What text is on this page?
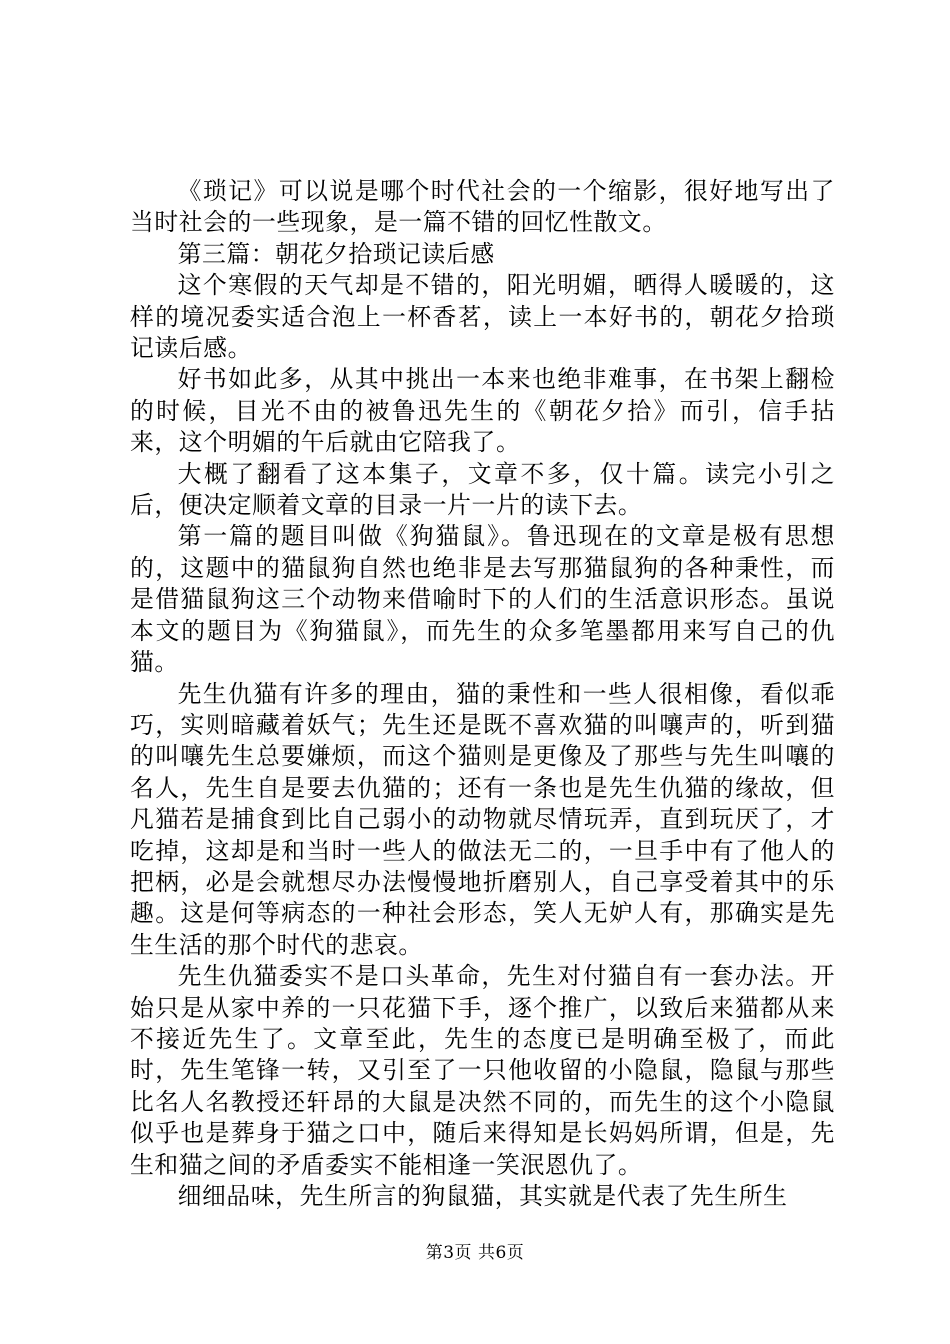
《琐记》可以说是哪个时代社会的一个缩影，很好地写出了当时社会的一些现象，是一篇不错的回忆性散文。

第三篇：朝花夕拾琐记读后感

这个寒假的天气却是不错的，阳光明媚，晒得人暖暖的，这样的境况委实适合泡上一杯香茗，读上一本好书的，朝花夕拾琐记读后感。

好书如此多，从其中挑出一本来也绝非难事，在书架上翻检的时候，目光不由的被鲁迅先生的《朝花夕拾》而引，信手拈来，这个明媚的午后就由它陪我了。

大概了翻看了这本集子，文章不多，仅十篇。读完小引之后，便决定顺着文章的目录一片一片的读下去。

第一篇的题目叫做《狗猫鼠》。鲁迅现在的文章是极有思想的，这题中的猫鼠狗自然也绝非是去写那猫鼠狗的各种秉性，而是借猫鼠狗这三个动物来借喻时下的人们的生活意识形态。虽说本文的题目为《狗猫鼠》，而先生的众多笔墨都用来写自己的仇猫。

先生仇猫有许多的理由，猫的秉性和一些人很相像，看似乖巧，实则暗藏着妖气；先生还是既不喜欢猫的叫嚷声的，听到猫的叫嚷先生总要嫌烦，而这个猫则是更像及了那些与先生叫嚷的名人，先生自是要去仇猫的；还有一条也是先生仇猫的缘故，但凡猫若是捕食到比自己弱小的动物就尽情玩弄，直到玩厌了，才吃掉，这却是和当时一些人的做法无二的，一旦手中有了他人的把柄，必是会就想尽办法慢慢地折磨别人，自己享受着其中的乐趣。这是何等病态的一种社会形态，笑人无妒人有，那确实是先生生活的那个时代的悲哀。

先生仇猫委实不是口头革命，先生对付猫自有一套办法。开始只是从家中养的一只花猫下手，逐个推广，以致后来猫都从来不接近先生了。文章至此，先生的态度已是明确至极了，而此时，先生笔锋一转，又引至了一只他收留的小隐鼠，隐鼠与那些比名人名教授还轩昂的大鼠是决然不同的，而先生的这个小隐鼠似乎也是葬身于猫之口中，随后来得知是长妈妈所谓，但是，先生和猫之间的矛盾委实不能相逢一笑泯恩仇了。

细细品味，先生所言的狗鼠猫，其实就是代表了先生所生

第3页 共6页
